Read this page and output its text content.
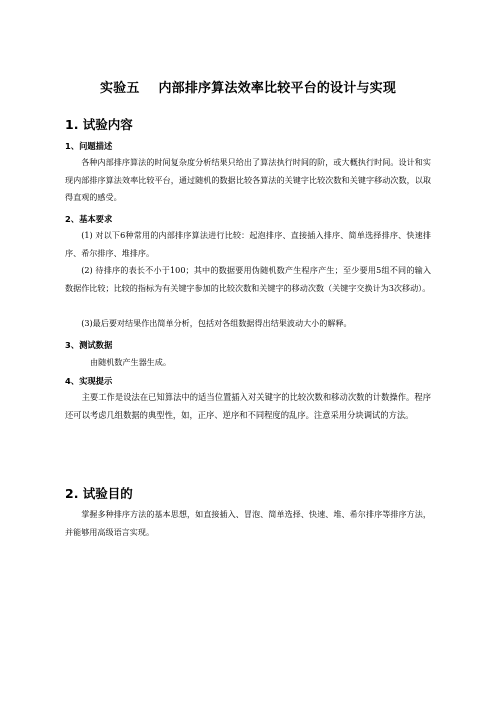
实验五    内部排序算法效率比较平台的设计与实现
1. 试验内容
1、问题描述
各种内部排序算法的时间复杂度分析结果只给出了算法执行时间的阶，或大概执行时间。设计和实现内部排序算法效率比较平台，通过随机的数据比较各算法的关键字比较次数和关键字移动次数，以取得直观的感受。
2、基本要求
(1) 对以下6种常用的内部排序算法进行比较：起泡排序、直接插入排序、简单选择排序、快速排序、希尔排序、堆排序。
(2) 待排序的表长不小于100；其中的数据要用伪随机数产生程序产生；至少要用5组不同的输入数据作比较；比较的指标为有关键字参加的比较次数和关键字的移动次数（关键字交换计为3次移动）。
(3)最后要对结果作出简单分析，包括对各组数据得出结果波动大小的解释。
3、测试数据
由随机数产生器生成。
4、实现提示
主要工作是设法在已知算法中的适当位置插入对关键字的比较次数和移动次数的计数操作。程序还可以考虑几组数据的典型性，如，正序、逆序和不同程度的乱序。注意采用分块调试的方法。
2. 试验目的
掌握多种排序方法的基本思想，如直接插入、冒泡、简单选择、快速、堆、希尔排序等排序方法，并能够用高级语言实现。
